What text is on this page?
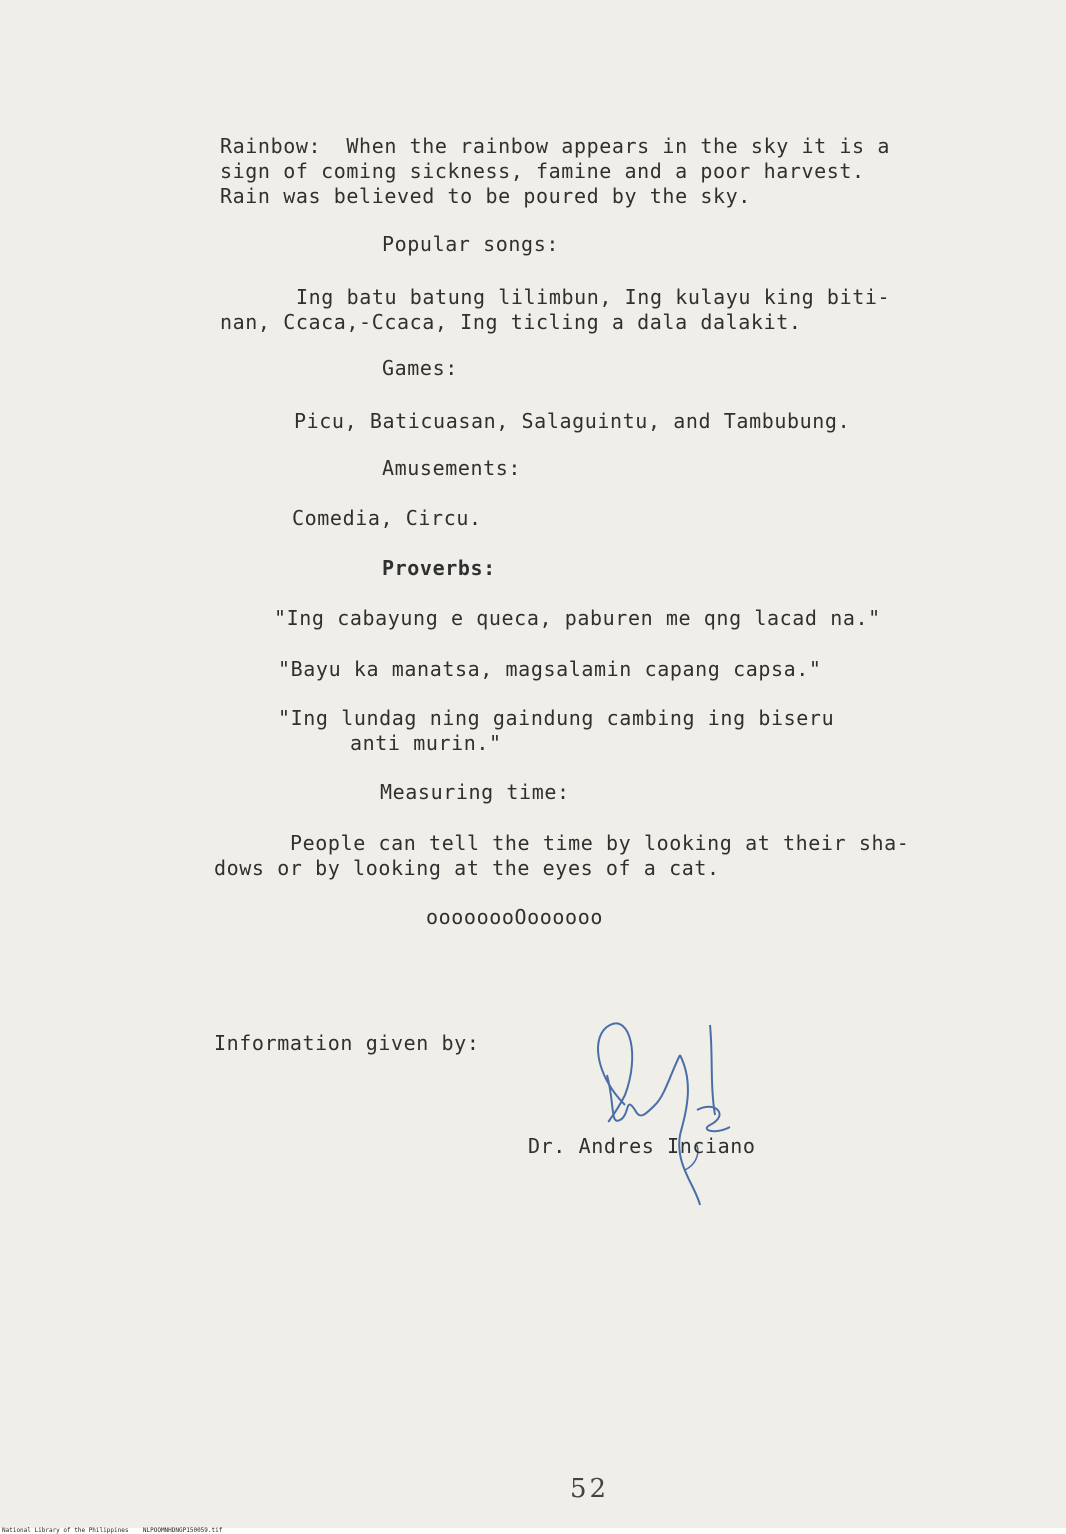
Rainbow:  When the rainbow appears in the sky it is a
sign of coming sickness, famine and a poor harvest.
Rain was believed to be poured by the sky.
Popular songs:
Ing batu batung lilimbun, Ing kulayu king biti-
nan, Ccaca,-Ccaca, Ing ticling a dala dalakit.
Games:
Picu, Baticuasan, Salaguintu, and Tambubung.
Amusements:
Comedia, Circu.
Proverbs:
"Ing cabayung e queca, paburen me qng lacad na."
"Bayu ka manatsa, magsalamin capang capsa."
"Ing lundag ning gaindung cambing ing biseru
anti murin."
Measuring time:
People can tell the time by looking at their sha-
dows or by looking at the eyes of a cat.
oooooooOoooooo
Information given by:
Dr. Andres Inciano
52
National Library of the Philippines    NLPOOMNHDNGP150059.tif
